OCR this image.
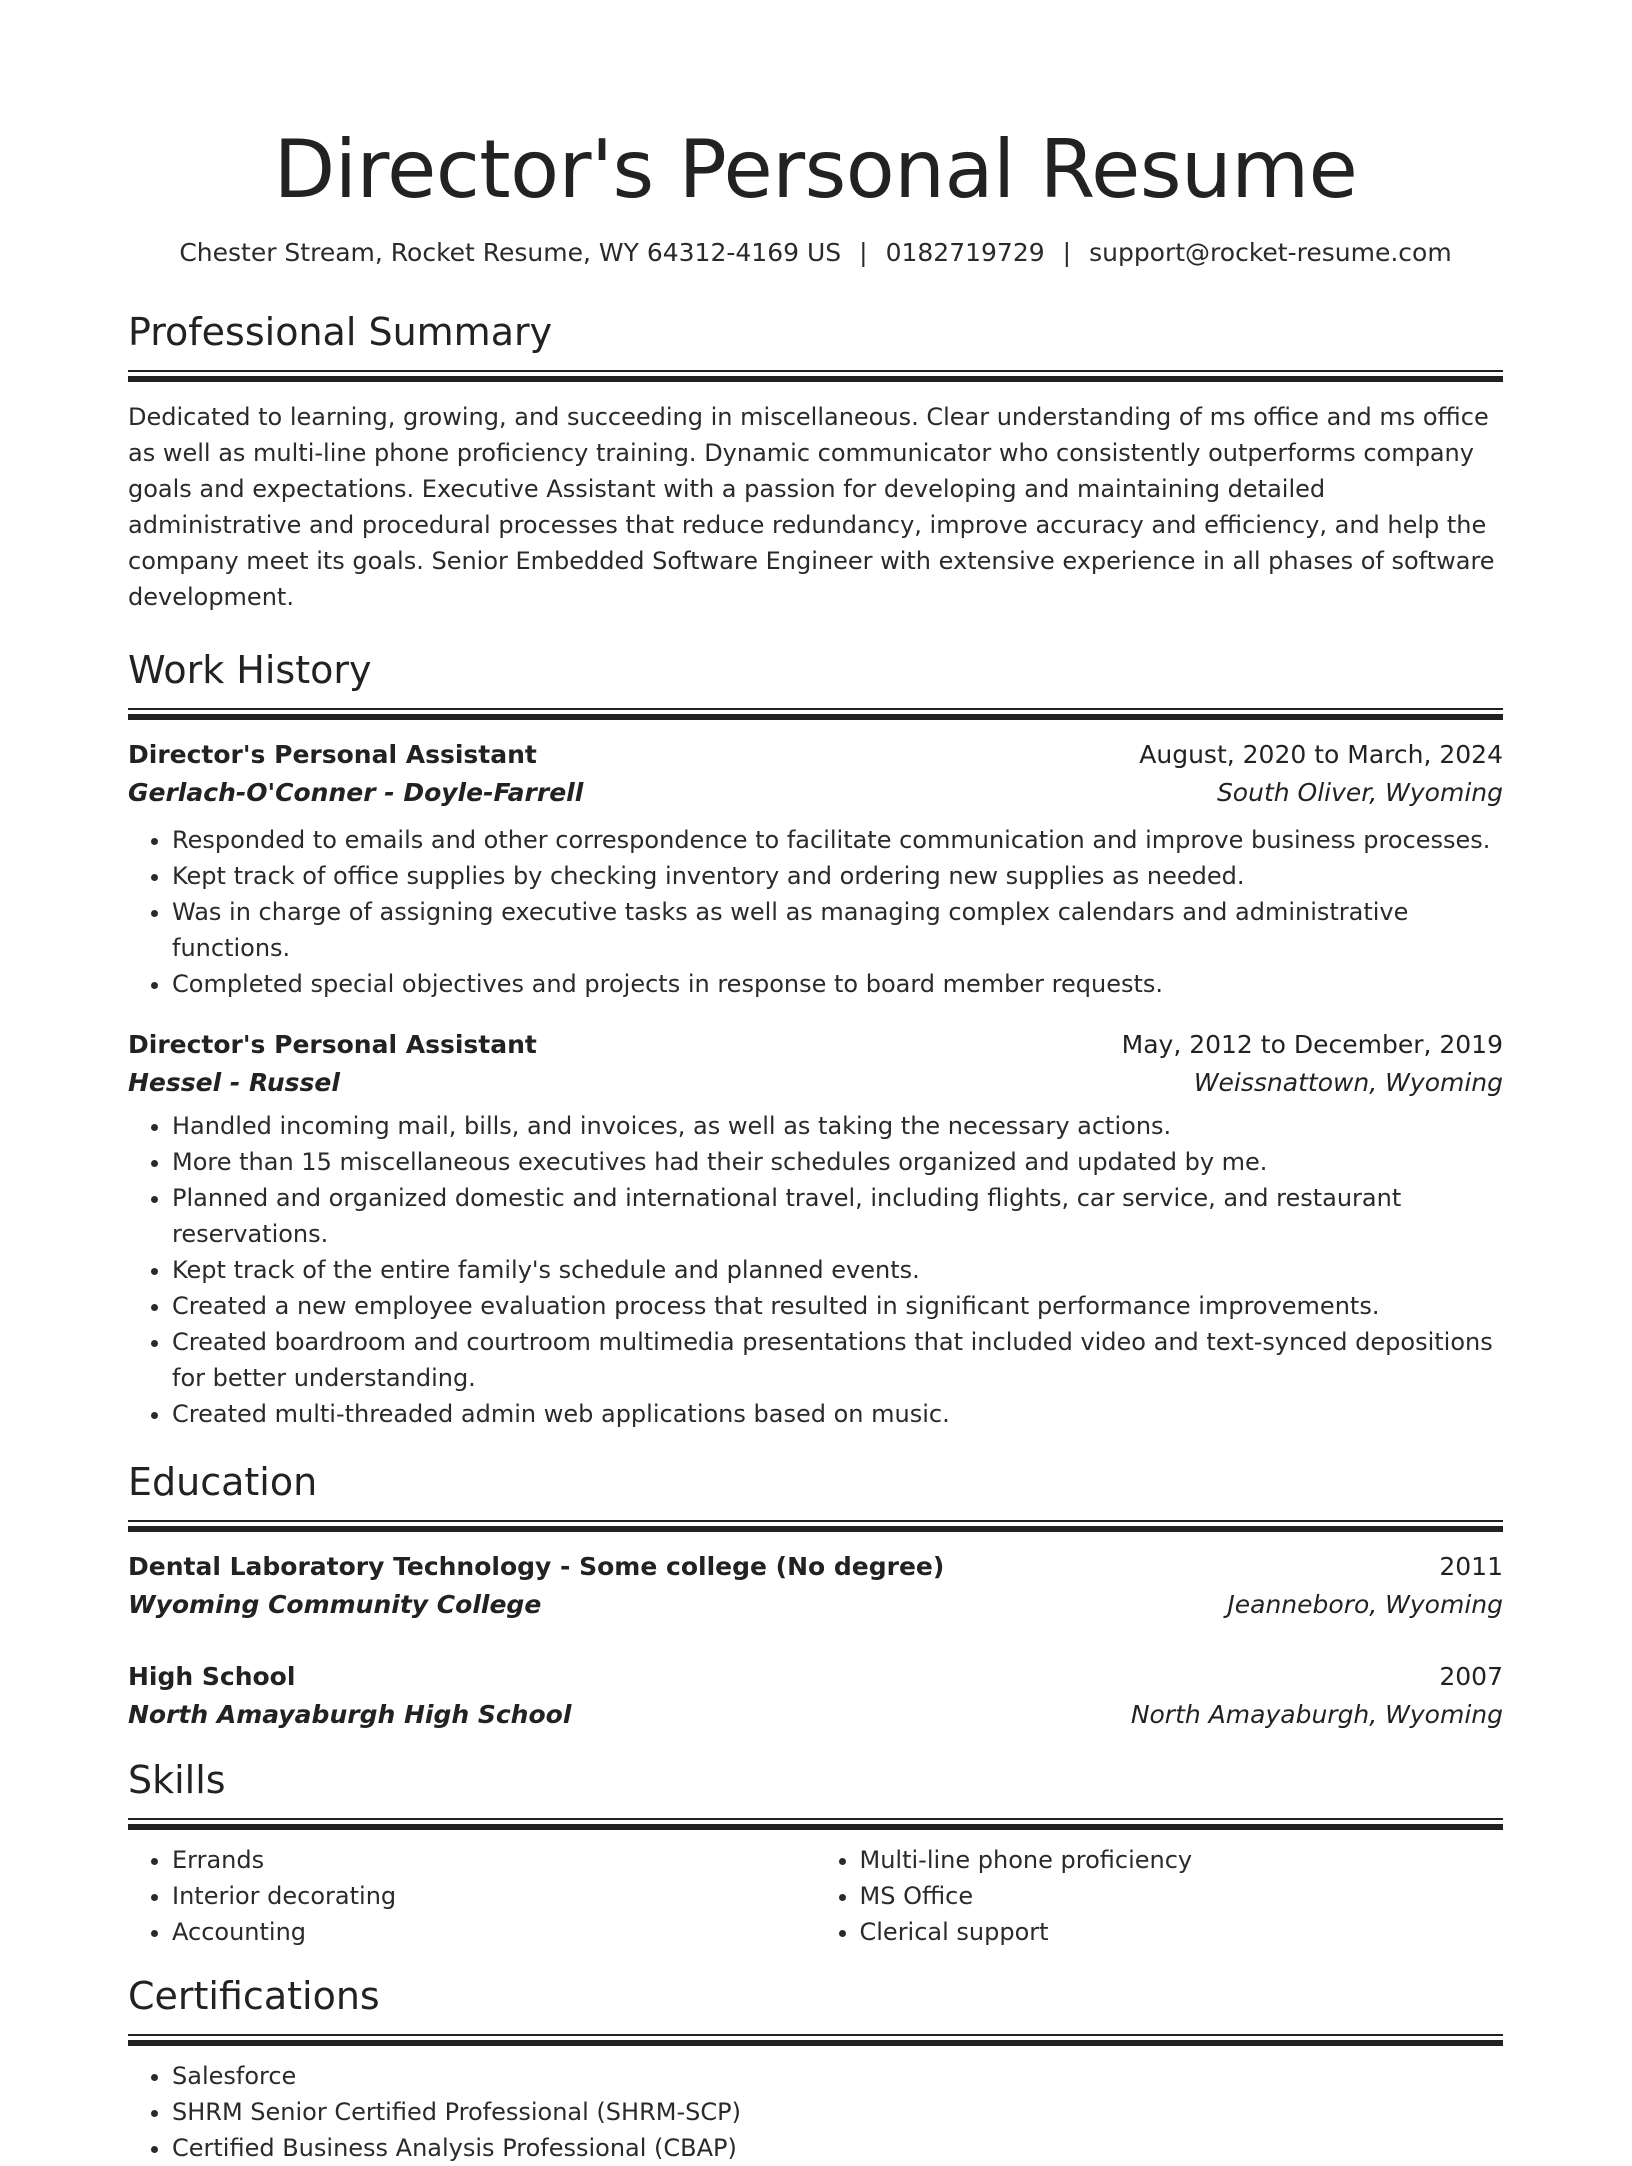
Director's Personal Resume
Chester Stream, Rocket Resume, WY 64312-4169 US | 0182719729 | support@rocket-resume.com
Professional Summary
Dedicated to learning, growing, and succeeding in miscellaneous. Clear understanding of ms office and ms office as well as multi-line phone proficiency training. Dynamic communicator who consistently outperforms company goals and expectations. Executive Assistant with a passion for developing and maintaining detailed administrative and procedural processes that reduce redundancy, improve accuracy and efficiency, and help the company meet its goals. Senior Embedded Software Engineer with extensive experience in all phases of software development.
Work History
Director's Personal Assistant	August, 2020 to March, 2024
Gerlach-O'Conner - Doyle-Farrell	South Oliver, Wyoming
• Responded to emails and other correspondence to facilitate communication and improve business processes.
• Kept track of office supplies by checking inventory and ordering new supplies as needed.
• Was in charge of assigning executive tasks as well as managing complex calendars and administrative functions.
• Completed special objectives and projects in response to board member requests.
Director's Personal Assistant	May, 2012 to December, 2019
Hessel - Russel	Weissnattown, Wyoming
• Handled incoming mail, bills, and invoices, as well as taking the necessary actions.
• More than 15 miscellaneous executives had their schedules organized and updated by me.
• Planned and organized domestic and international travel, including flights, car service, and restaurant reservations.
• Kept track of the entire family's schedule and planned events.
• Created a new employee evaluation process that resulted in significant performance improvements.
• Created boardroom and courtroom multimedia presentations that included video and text-synced depositions for better understanding.
• Created multi-threaded admin web applications based on music.
Education
Dental Laboratory Technology - Some college (No degree)	2011
Wyoming Community College	Jeanneboro, Wyoming
High School	2007
North Amayaburgh High School	North Amayaburgh, Wyoming
Skills
• Errands
• Interior decorating
• Accounting
• Multi-line phone proficiency
• MS Office
• Clerical support
Certifications
• Salesforce
• SHRM Senior Certified Professional (SHRM-SCP)
• Certified Business Analysis Professional (CBAP)
